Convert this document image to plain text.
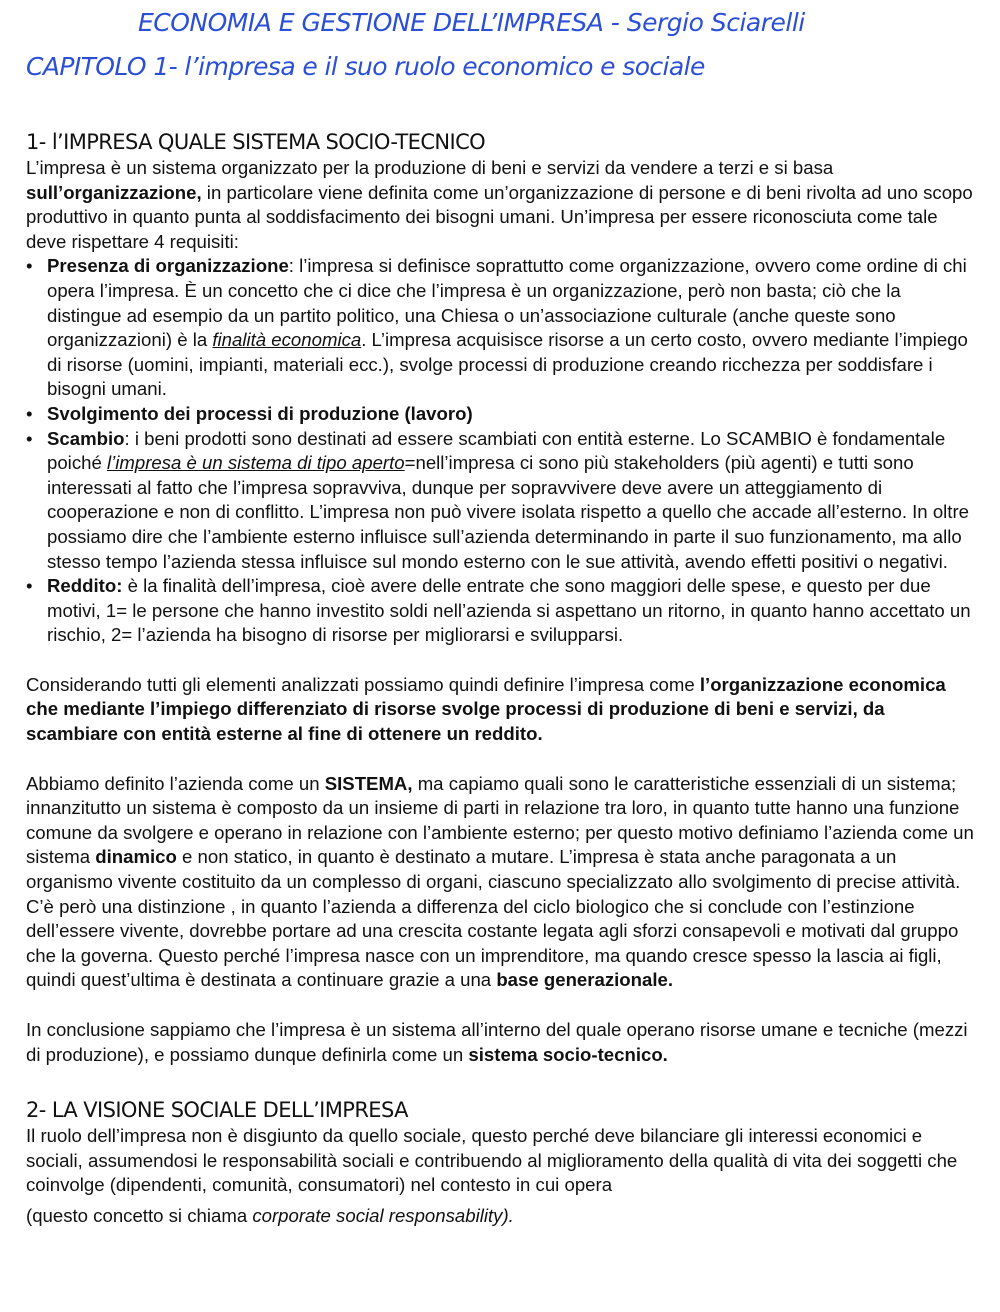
ECONOMIA E GESTIONE DELL’IMPRESA - Sergio Sciarelli
CAPITOLO 1- l’impresa e il suo ruolo economico e sociale
1- l’IMPRESA QUALE SISTEMA SOCIO-TECNICO

L’impresa è un sistema organizzato per la produzione di beni e servizi da vendere a terzi e si basa sull’organizzazione, in particolare viene definita come un’organizzazione di persone e di beni rivolta ad uno scopo produttivo in quanto punta al soddisfacimento dei bisogni umani. Un’impresa per essere riconosciuta come tale deve rispettare 4 requisiti:

• Presenza di organizzazione: l’impresa si definisce soprattutto come organizzazione, ovvero come ordine di chi opera l’impresa. È un concetto che ci dice che l’impresa è un organizzazione, però non basta; ciò che la distingue ad esempio da un partito politico, una Chiesa o un’associazione culturale (anche queste sono organizzazioni) è la finalità economica. L’impresa acquisisce risorse a un certo costo, ovvero mediante l’impiego di risorse (uomini, impianti, materiali ecc.), svolge processi di produzione creando ricchezza per soddisfare i bisogni umani.
• Svolgimento dei processi di produzione (lavoro)
• Scambio: i beni prodotti sono destinati ad essere scambiati con entità esterne. Lo SCAMBIO è fondamentale poiché l’impresa è un sistema di tipo aperto=nell’impresa ci sono più stakeholders (più agenti) e tutti sono interessati al fatto che l’impresa sopravviva, dunque per sopravvivere deve avere un atteggiamento di cooperazione e non di conflitto. L’impresa non può vivere isolata rispetto a quello che accade all’esterno. In oltre possiamo dire che l’ambiente esterno influisce sull’azienda determinando in parte il suo funzionamento, ma allo stesso tempo l’azienda stessa influisce sul mondo esterno con le sue attività, avendo effetti positivi o negativi.
• Reddito: è la finalità dell’impresa, cioè avere delle entrate che sono maggiori delle spese, e questo per due motivi, 1= le persone che hanno investito soldi nell’azienda si aspettano un ritorno, in quanto hanno accettato un rischio, 2= l’azienda ha bisogno di risorse per migliorarsi e svilupparsi.

Considerando tutti gli elementi analizzati possiamo quindi definire l’impresa come l’organizzazione economica che mediante l’impiego differenziato di risorse svolge processi di produzione di beni e servizi, da scambiare con entità esterne al fine di ottenere un reddito.

Abbiamo definito l’azienda come un SISTEMA, ma capiamo quali sono le caratteristiche essenziali di un sistema; innanzitutto un sistema è composto da un insieme di parti in relazione tra loro, in quanto tutte hanno una funzione comune da svolgere e operano in relazione con l’ambiente esterno; per questo motivo definiamo l’azienda come un sistema dinamico e non statico, in quanto è destinato a mutare. L’impresa è stata anche paragonata a un organismo vivente costituito da un complesso di organi, ciascuno specializzato allo svolgimento di precise attività. C’è però una distinzione , in quanto l’azienda a differenza del ciclo biologico che si conclude con l’estinzione dell’essere vivente, dovrebbe portare ad una crescita costante legata agli sforzi consapevoli e motivati dal gruppo che la governa. Questo perché l’impresa nasce con un imprenditore, ma quando cresce spesso la lascia ai figli, quindi quest’ultima è destinata a continuare grazie a una base generazionale.

In conclusione sappiamo che l’impresa è un sistema all’interno del quale operano risorse umane e tecniche (mezzi di produzione), e possiamo dunque definirla come un sistema socio-tecnico.

2- LA VISIONE SOCIALE DELL’IMPRESA

Il ruolo dell’impresa non è disgiunto da quello sociale, questo perché deve bilanciare gli interessi economici e sociali, assumendosi le responsabilità sociali e contribuendo al miglioramento della qualità di vita dei soggetti che coinvolge (dipendenti, comunità, consumatori) nel contesto in cui opera

(questo concetto si chiama corporate social responsability).
